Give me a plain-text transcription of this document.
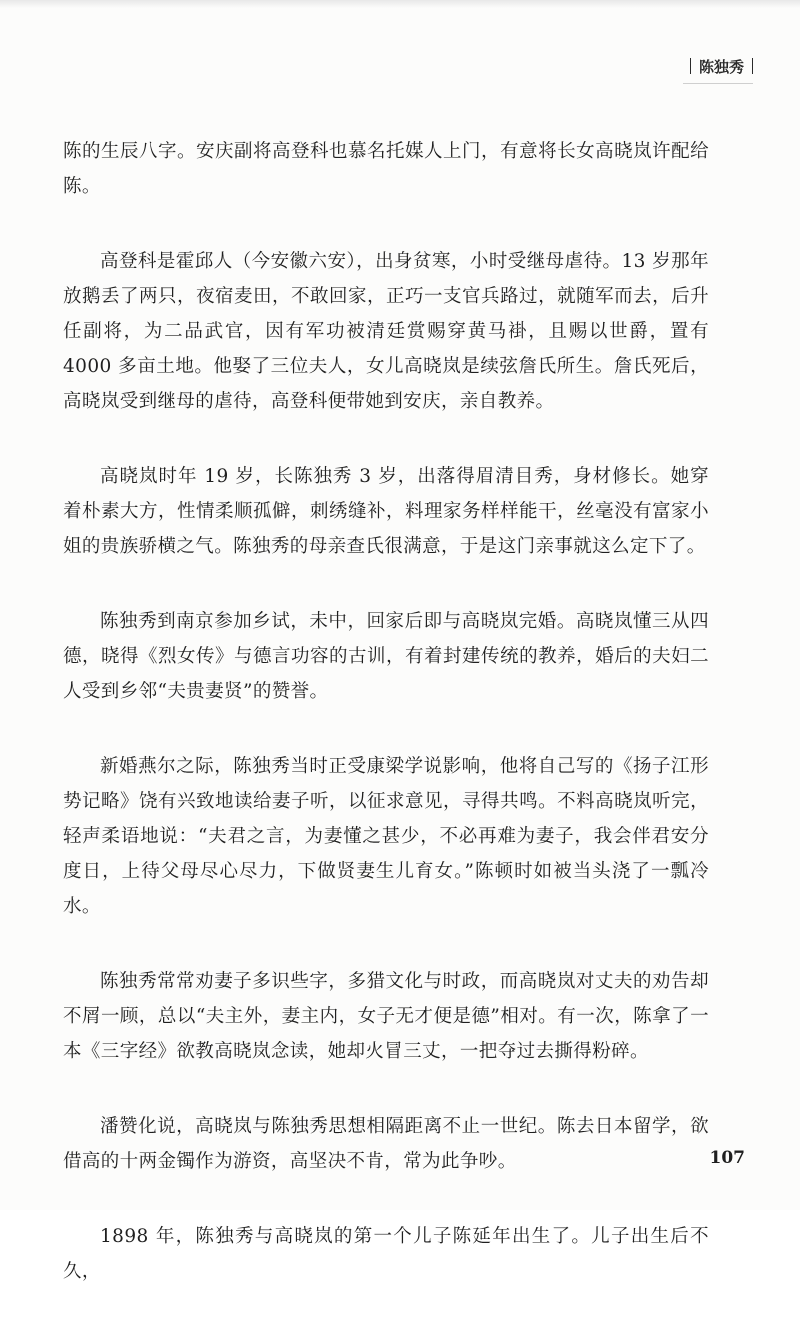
陈独秀

陈的生辰八字。安庆副将高登科也慕名托媒人上门，有意将长女高晓岚许配给陈。

高登科是霍邱人（今安徽六安），出身贫寒，小时受继母虐待。13 岁那年放鹅丢了两只，夜宿麦田，不敢回家，正巧一支官兵路过，就随军而去，后升任副将，为二品武官，因有军功被清廷赏赐穿黄马褂，且赐以世爵，置有 4000 多亩土地。他娶了三位夫人，女儿高晓岚是续弦詹氏所生。詹氏死后，高晓岚受到继母的虐待，高登科便带她到安庆，亲自教养。

高晓岚时年 19 岁，长陈独秀 3 岁，出落得眉清目秀，身材修长。她穿着朴素大方，性情柔顺孤僻，刺绣缝补，料理家务样样能干，丝毫没有富家小姐的贵族骄横之气。陈独秀的母亲查氏很满意，于是这门亲事就这么定下了。

陈独秀到南京参加乡试，未中，回家后即与高晓岚完婚。高晓岚懂三从四德，晓得《烈女传》与德言功容的古训，有着封建传统的教养，婚后的夫妇二人受到乡邻“夫贵妻贤”的赞誉。

新婚燕尔之际，陈独秀当时正受康梁学说影响，他将自己写的《扬子江形势记略》饶有兴致地读给妻子听，以征求意见，寻得共鸣。不料高晓岚听完，轻声柔语地说：“夫君之言，为妻懂之甚少，不必再难为妻子，我会伴君安分度日，上待父母尽心尽力，下做贤妻生儿育女。”陈顿时如被当头浇了一瓢冷水。

陈独秀常常劝妻子多识些字，多猎文化与时政，而高晓岚对丈夫的劝告却不屑一顾，总以“夫主外，妻主内，女子无才便是德”相对。有一次，陈拿了一本《三字经》欲教高晓岚念读，她却火冒三丈，一把夺过去撕得粉碎。

潘赞化说，高晓岚与陈独秀思想相隔距离不止一世纪。陈去日本留学，欲借高的十两金镯作为游资，高坚决不肯，常为此争吵。

1898 年，陈独秀与高晓岚的第一个儿子陈延年出生了。儿子出生后不久，

107
